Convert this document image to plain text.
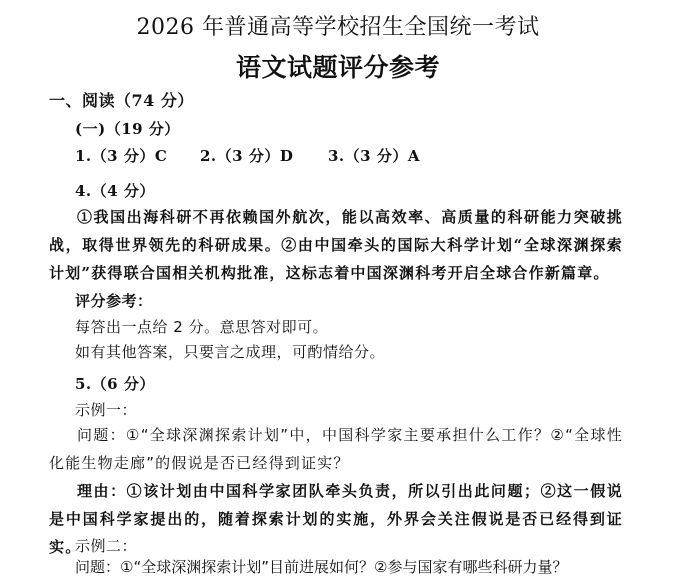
2026 年普通高等学校招生全国统一考试
语文试题评分参考
一、阅读（74 分）
(一)（19 分）
1.（3 分）C 2.（3 分）D 3.（3 分）A
4.（4 分）

①我国出海科研不再依赖国外航次，能以高效率、高质量的科研能力突破挑战，取得世界领先的科研成果。②由中国牵头的国际大科学计划“全球深渊探索计划”获得联合国相关机构批准，这标志着中国深渊科考开启全球合作新篇章。

评分参考：
每答出一点给 2 分。意思答对即可。
如有其他答案，只要言之成理，可酌情给分。
5.（6 分）
示例一：

问题：①“全球深渊探索计划”中，中国科学家主要承担什么工作？②“全球性化能生物走廊”的假说是否已经得到证实？

理由：①该计划由中国科学家团队牵头负责，所以引出此问题；②这一假说是中国科学家提出的，随着探索计划的实施，外界会关注假说是否已经得到证实。

示例二：
问题：①“全球深渊探索计划”目前进展如何？②参与国家有哪些科研力量？
